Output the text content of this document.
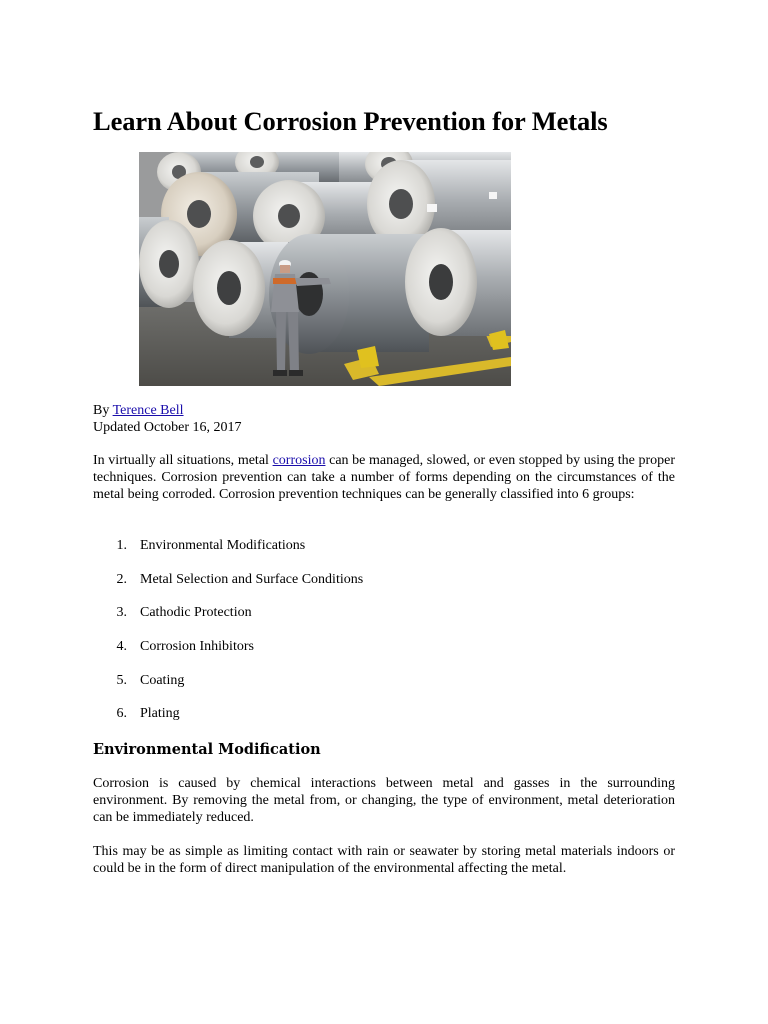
Learn About Corrosion Prevention for Metals
By Terence Bell
Updated October 16, 2017

In virtually all situations, metal corrosion can be managed, slowed, or even stopped by using the proper techniques. Corrosion prevention can take a number of forms depending on the circumstances of the metal being corroded. Corrosion prevention techniques can be generally classified into 6 groups:

1. Environmental Modifications
2. Metal Selection and Surface Conditions
3. Cathodic Protection
4. Corrosion Inhibitors
5. Coating
6. Plating
Environmental Modification

Corrosion is caused by chemical interactions between metal and gasses in the surrounding environment. By removing the metal from, or changing, the type of environment, metal deterioration can be immediately reduced.

This may be as simple as limiting contact with rain or seawater by storing metal materials indoors or could be in the form of direct manipulation of the environmental affecting the metal.
